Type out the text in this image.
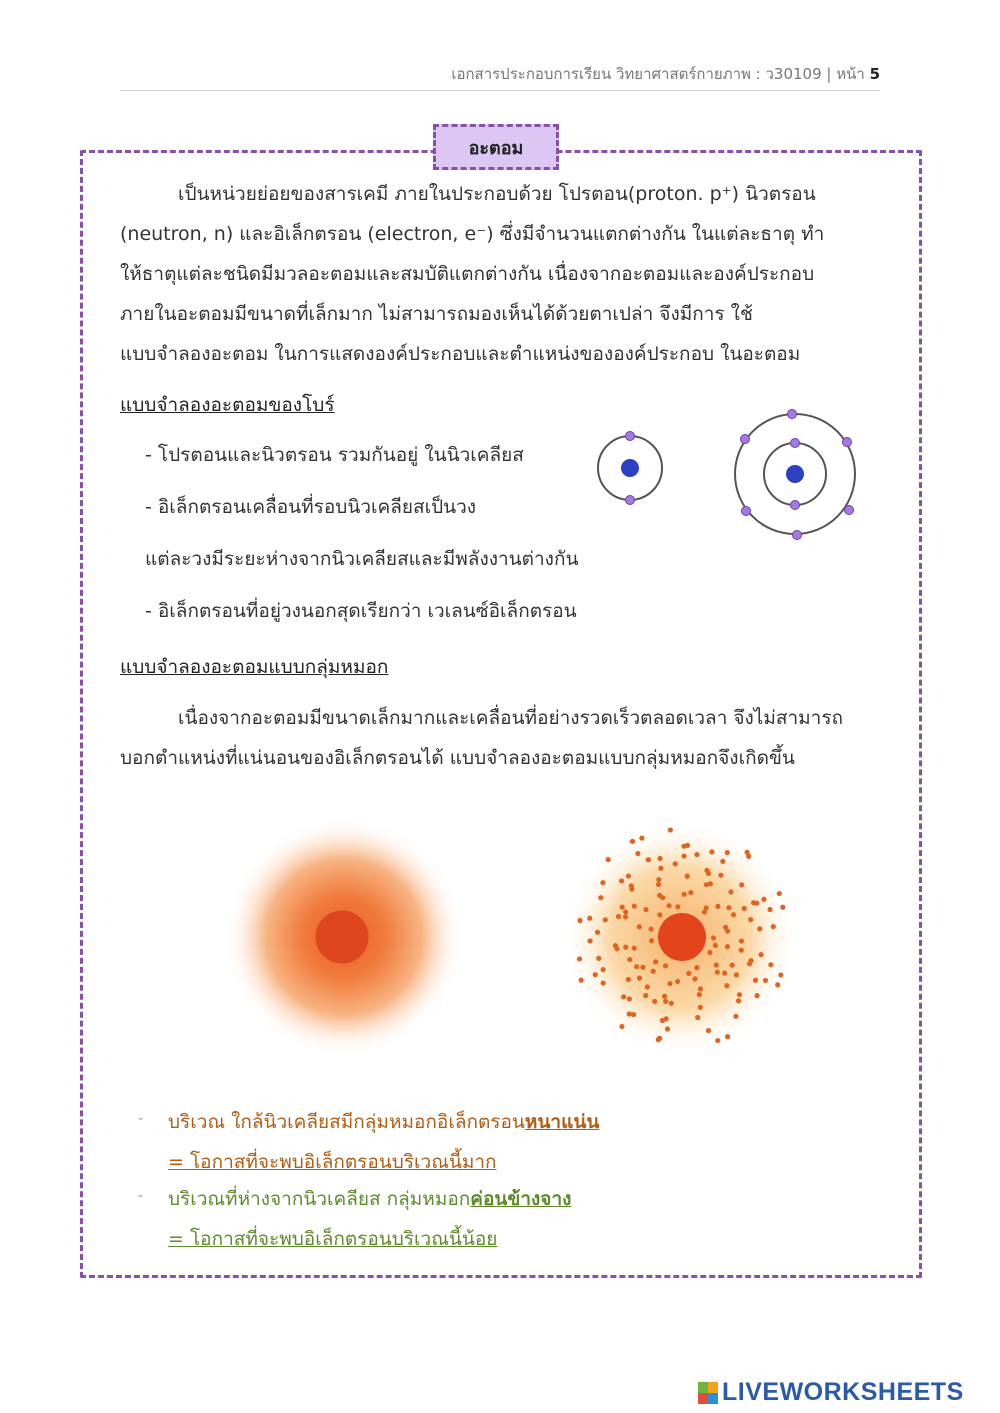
เอกสารประกอบการเรียน วิทยาศาสตร์กายภาพ : ว30109 | หน้า 5
อะตอม
เป็นหน่วยย่อยของสารเคมี ภายในประกอบด้วย โปรตอน(proton. p⁺) นิวตรอน
(neutron, n) และอิเล็กตรอน (electron, e⁻) ซึ่งมีจำนวนแตกต่างกัน ในแต่ละธาตุ ทำ
ให้ธาตุแต่ละชนิดมีมวลอะตอมและสมบัติแตกต่างกัน เนื่องจากอะตอมและองค์ประกอบ
ภายในอะตอมมีขนาดที่เล็กมาก ไม่สามารถมองเห็นได้ด้วยตาเปล่า จึงมีการ ใช้
แบบจำลองอะตอม ในการแสดงองค์ประกอบและตำแหน่งขององค์ประกอบ ในอะตอม
แบบจำลองอะตอมของโบร์
- โปรตอนและนิวตรอน รวมกันอยู่ ในนิวเคลียส
- อิเล็กตรอนเคลื่อนที่รอบนิวเคลียสเป็นวง
แต่ละวงมีระยะห่างจากนิวเคลียสและมีพลังงานต่างกัน
- อิเล็กตรอนที่อยู่วงนอกสุดเรียกว่า เวเลนซ์อิเล็กตรอน
แบบจำลองอะตอมแบบกลุ่มหมอก
เนื่องจากอะตอมมีขนาดเล็กมากและเคลื่อนที่อย่างรวดเร็วตลอดเวลา จึงไม่สามารถ
บอกตำแหน่งที่แน่นอนของอิเล็กตรอนได้ แบบจำลองอะตอมแบบกลุ่มหมอกจึงเกิดขึ้น
- บริเวณ ใกล้นิวเคลียสมีกลุ่มหมอกอิเล็กตรอนหนาแน่น
= โอกาสที่จะพบอิเล็กตรอนบริเวณนี้มาก
- บริเวณที่ห่างจากนิวเคลียส กลุ่มหมอกค่อนข้างจาง
= โอกาสที่จะพบอิเล็กตรอนบริเวณนี้น้อย
LIVEWORKSHEETS
